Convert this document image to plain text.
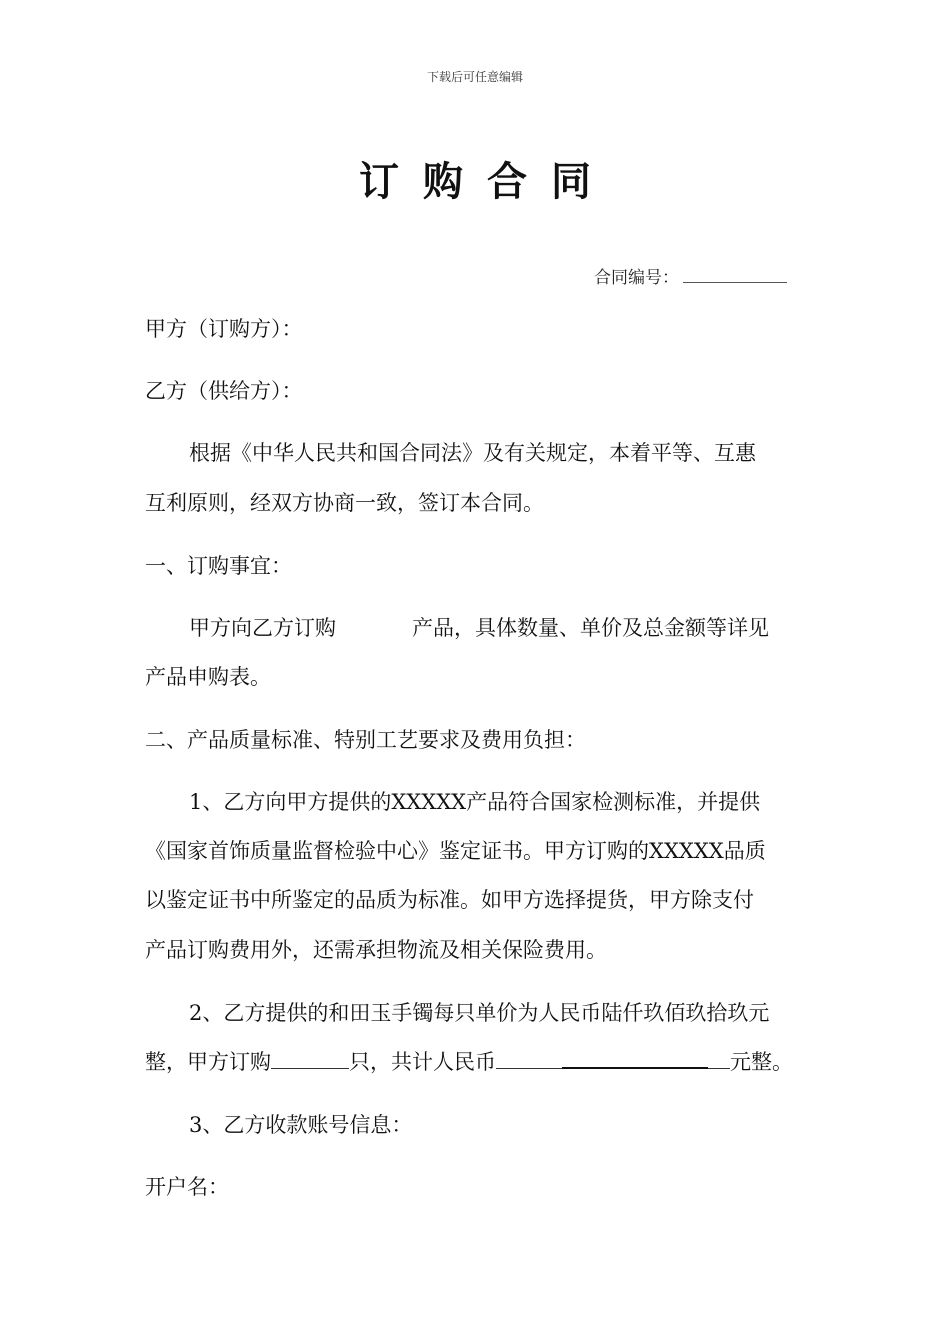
下载后可任意编辑
订购合同
合同编号：
甲方（订购方）：
乙方（供给方）：
根据《中华人民共和国合同法》及有关规定，本着平等、互惠
互利原则，经双方协商一致，签订本合同。
一、订购事宜：
甲方向乙方订购	产品，具体数量、单价及总金额等详见
产品申购表。
二、产品质量标准、特别工艺要求及费用负担：
1、乙方向甲方提供的XXXXX产品符合国家检测标准，并提供
《国家首饰质量监督检验中心》鉴定证书。甲方订购的XXXXX品质
以鉴定证书中所鉴定的品质为标准。如甲方选择提货，甲方除支付
产品订购费用外，还需承担物流及相关保险费用。
2、乙方提供的和田玉手镯每只单价为人民币陆仟玖佰玖拾玖元
整，甲方订购	只，共计人民币	元整。
3、乙方收款账号信息：
开户名：
